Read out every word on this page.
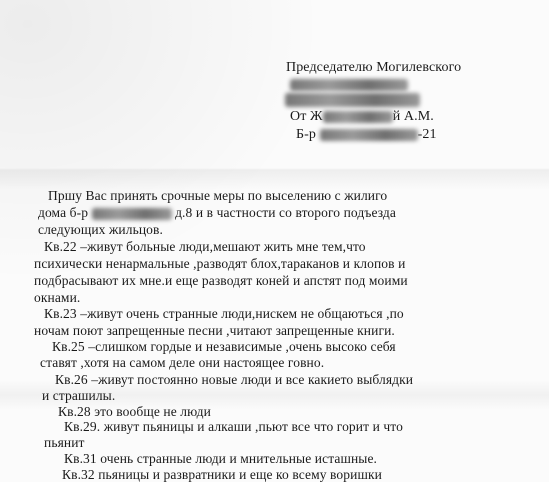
Председателю Могилевского
От Ж	й А.М.
Б-р	-21
Пршу Вас принять срочные меры по выселению с жилиго
дома б-р	д.8 и в частности со второго подъезда
следующих жильцов.
Кв.22 –живут больные люди,мешают жить мне тем,что
психически ненармальные ,разводят блох,тараканов и клопов и
подбрасывают их мне.и еще разводят коней и апстят под моими
окнами.
Кв.23 –живут очень странные люди,нискем не общаються ,по
ночам поют запрещенные песни ,читают запрещенные книги.
Кв.25 –слишком гордые и независимые ,очень высоко себя
ставят ,хотя на самом деле они настоящее говно.
Кв.26 –живут постоянно новые люди и все какието выблядки
и страшилы.
Кв.28 это вообще не люди
Кв.29. живут пьяницы и алкаши ,пьют все что горит и что
пьянит
Кв.31 очень странные люди и мнительные исташные.
Кв.32 пьяницы и развратники и еще ко всему воришки
